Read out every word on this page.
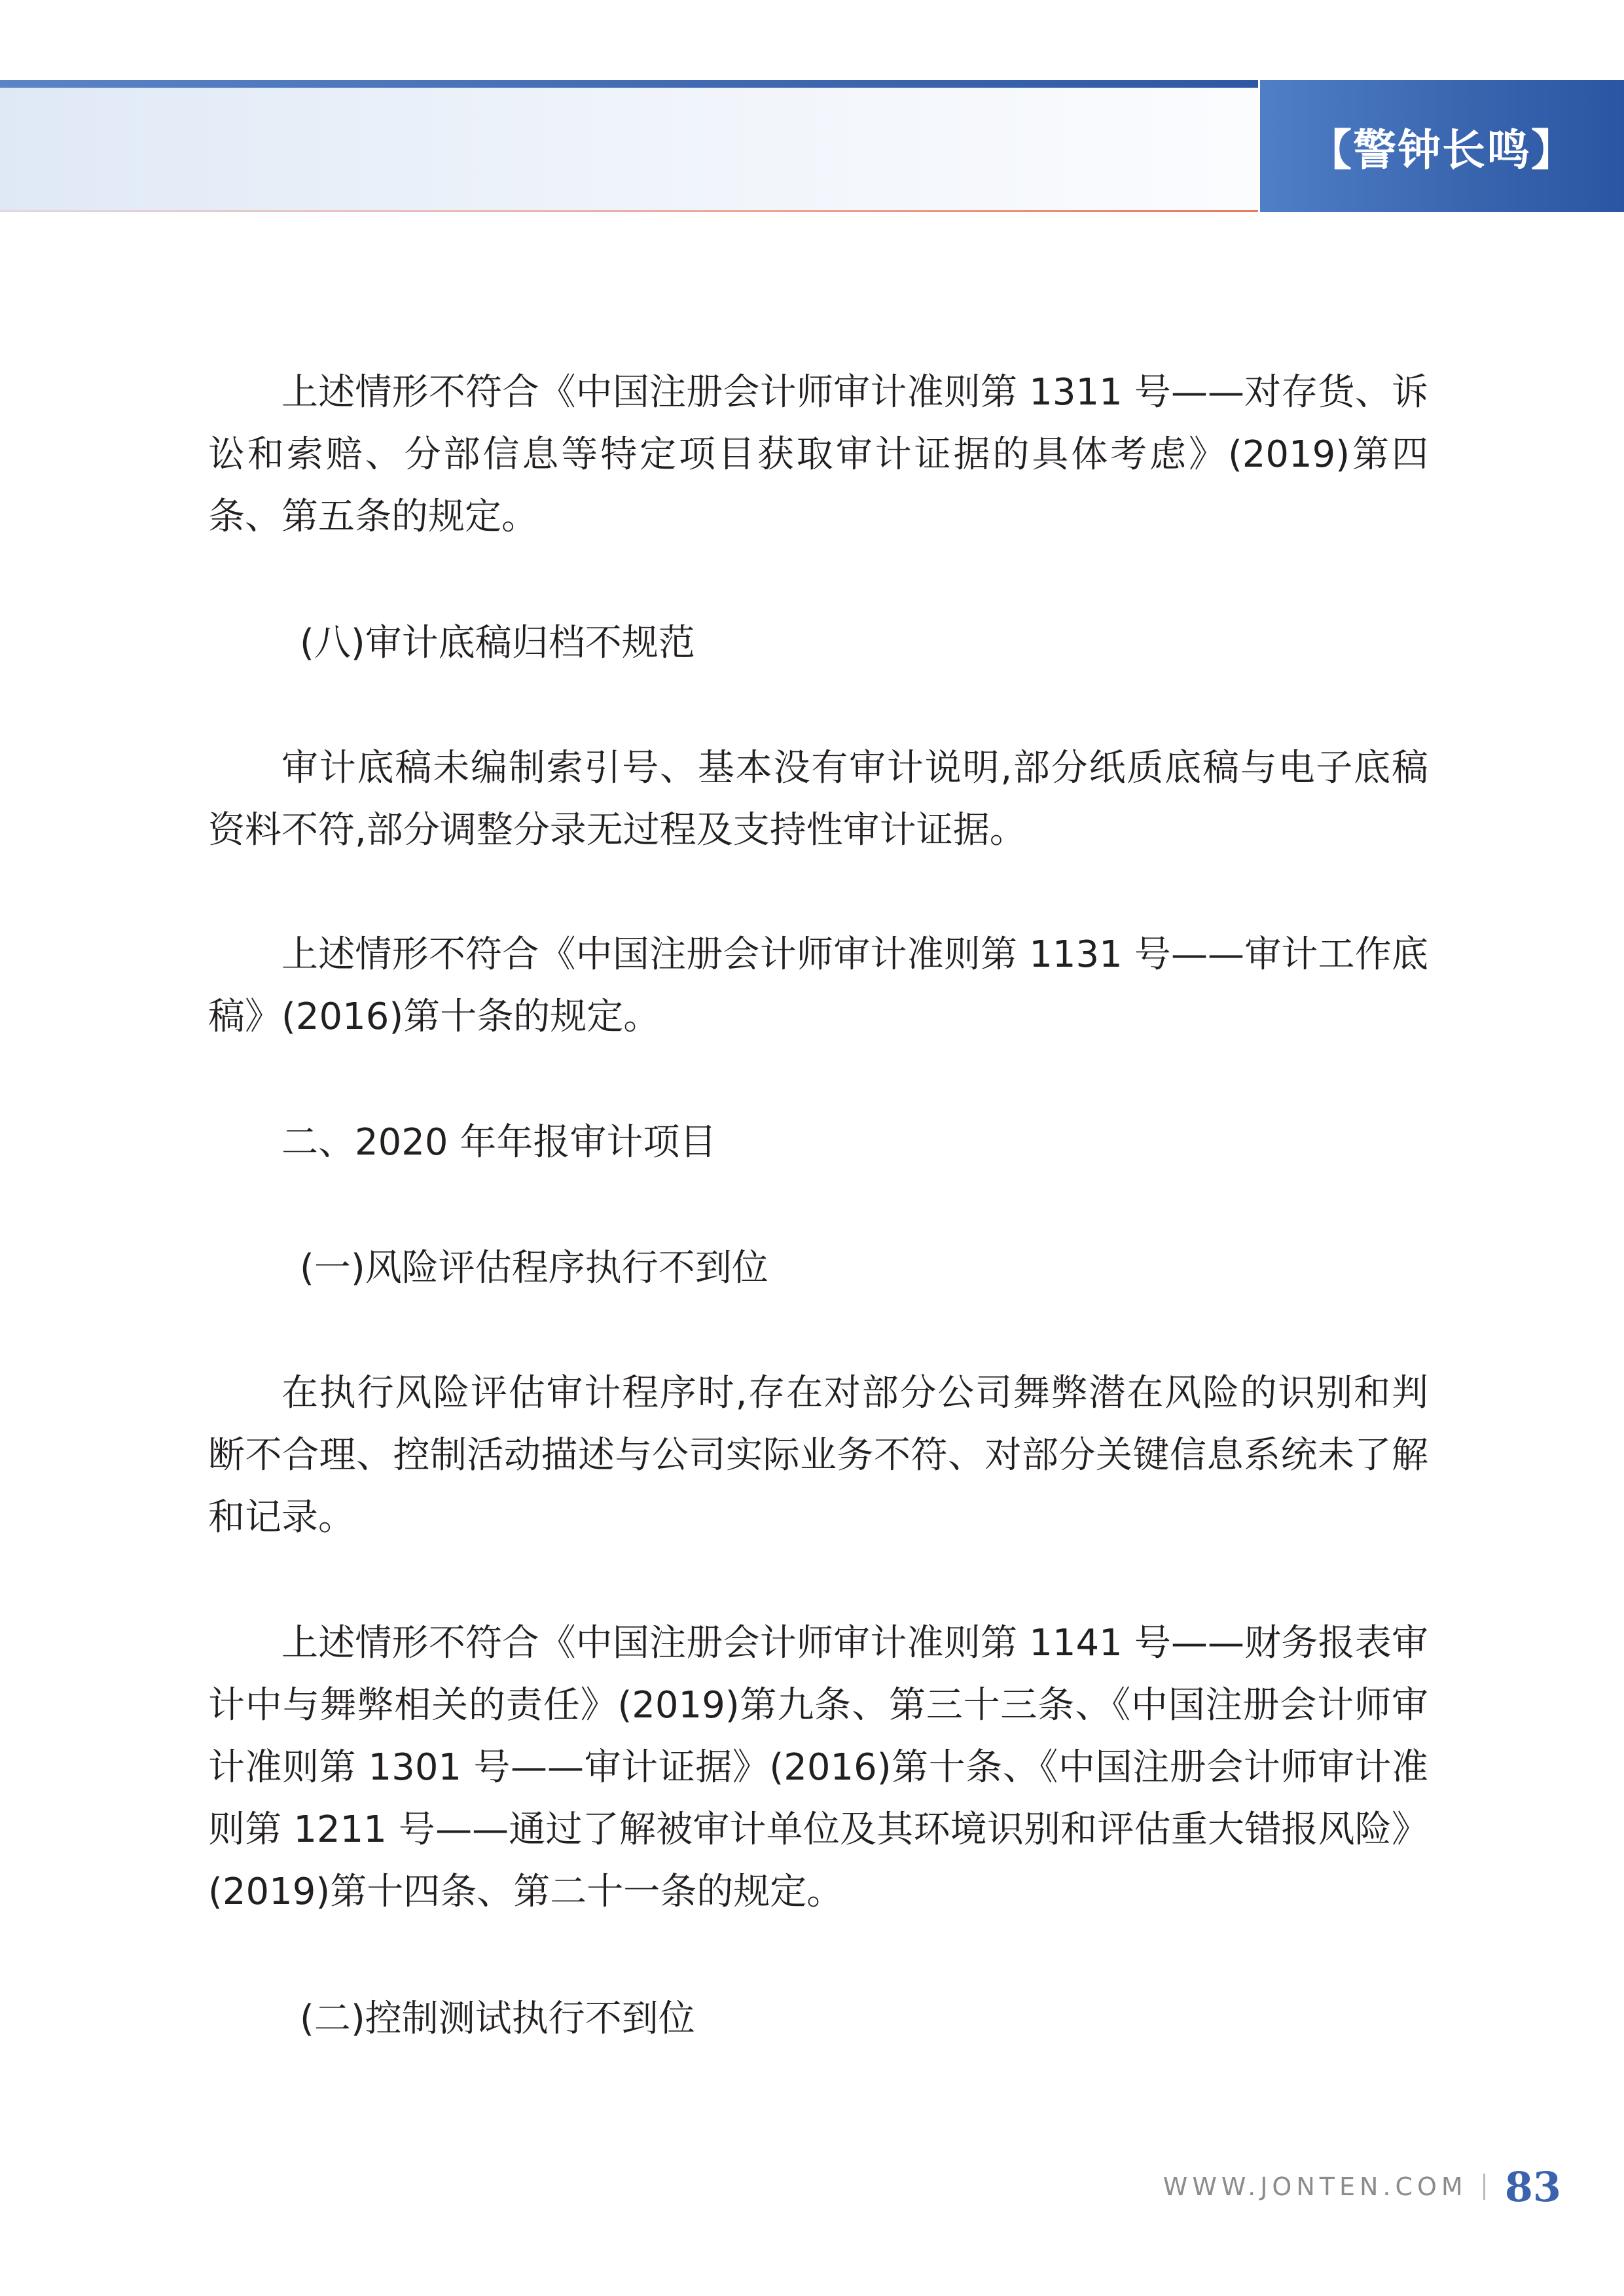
【警钟长鸣】

上述情形不符合《中国注册会计师审计准则第 1311 号——对存货、诉讼和索赔、分部信息等特定项目获取审计证据的具体考虑》(2019)第四条、第五条的规定。

(八)审计底稿归档不规范

审计底稿未编制索引号、基本没有审计说明,部分纸质底稿与电子底稿资料不符,部分调整分录无过程及支持性审计证据。

上述情形不符合《中国注册会计师审计准则第 1131 号——审计工作底稿》(2016)第十条的规定。

二、2020 年年报审计项目

(一)风险评估程序执行不到位

在执行风险评估审计程序时,存在对部分公司舞弊潜在风险的识别和判断不合理、控制活动描述与公司实际业务不符、对部分关键信息系统未了解和记录。

上述情形不符合《中国注册会计师审计准则第 1141 号——财务报表审计中与舞弊相关的责任》(2019)第九条、第三十三条、《中国注册会计师审计准则第 1301 号——审计证据》(2016)第十条、《中国注册会计师审计准则第 1211 号——通过了解被审计单位及其环境识别和评估重大错报风险》(2019)第十四条、第二十一条的规定。

(二)控制测试执行不到位

WWW.JONTEN.COM 83
